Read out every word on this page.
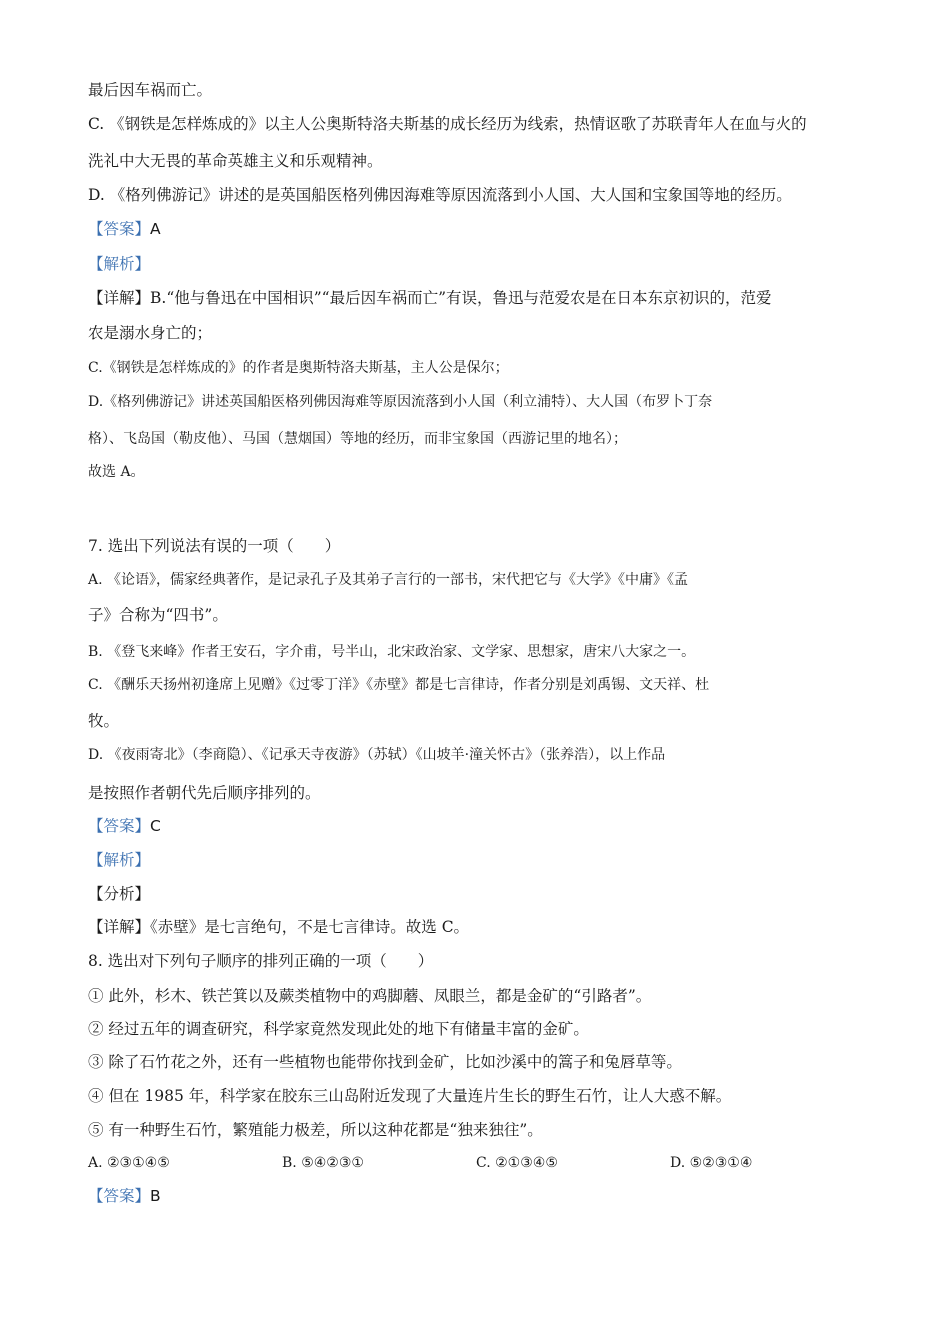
最后因车祸而亡。
C. 《钢铁是怎样炼成的》以主人公奥斯特洛夫斯基的成长经历为线索，热情讴歌了苏联青年人在血与火的
洗礼中大无畏的革命英雄主义和乐观精神。
D. 《格列佛游记》讲述的是英国船医格列佛因海难等原因流落到小人国、大人国和宝象国等地的经历。
【答案】A
【解析】
【详解】B.“他与鲁迅在中国相识”“最后因车祸而亡”有误，鲁迅与范爱农是在日本东京初识的，范爱
农是溺水身亡的；
C.《钢铁是怎样炼成的》的作者是奥斯特洛夫斯基，主人公是保尔；
D.《格列佛游记》讲述英国船医格列佛因海难等原因流落到小人国（利立浦特）、大人国（布罗卜丁奈
格）、飞岛国（勒皮他）、马国（慧烟国）等地的经历，而非宝象国（西游记里的地名）；
故选 A。
7. 选出下列说法有误的一项（　　）
A. 《论语》，儒家经典著作，是记录孔子及其弟子言行的一部书，宋代把它与《大学》《中庸》《孟
子》合称为“四书”。
B. 《登飞来峰》作者王安石，字介甫，号半山，北宋政治家、文学家、思想家，唐宋八大家之一。
C. 《酬乐天扬州初逢席上见赠》《过零丁洋》《赤壁》都是七言律诗，作者分别是刘禹锡、文天祥、杜
牧。
D. 《夜雨寄北》（李商隐）、《记承天寺夜游》（苏轼）《山坡羊·潼关怀古》（张养浩），以上作品
是按照作者朝代先后顺序排列的。
【答案】C
【解析】
【分析】
【详解】《赤壁》是七言绝句，不是七言律诗。故选 C。
8. 选出对下列句子顺序的排列正确的一项（　　）
① 此外，杉木、铁芒箕以及蕨类植物中的鸡脚蘑、凤眼兰，都是金矿的“引路者”。
② 经过五年的调查研究，科学家竟然发现此处的地下有储量丰富的金矿。
③ 除了石竹花之外，还有一些植物也能带你找到金矿，比如沙溪中的篙子和兔唇草等。
④ 但在 1985 年，科学家在胶东三山岛附近发现了大量连片生长的野生石竹，让人大惑不解。
⑤ 有一种野生石竹，繁殖能力极差，所以这种花都是“独来独往”。
A. ②③①④⑤	B. ⑤④②③①	C. ②①③④⑤	D. ⑤②③①④
【答案】B
